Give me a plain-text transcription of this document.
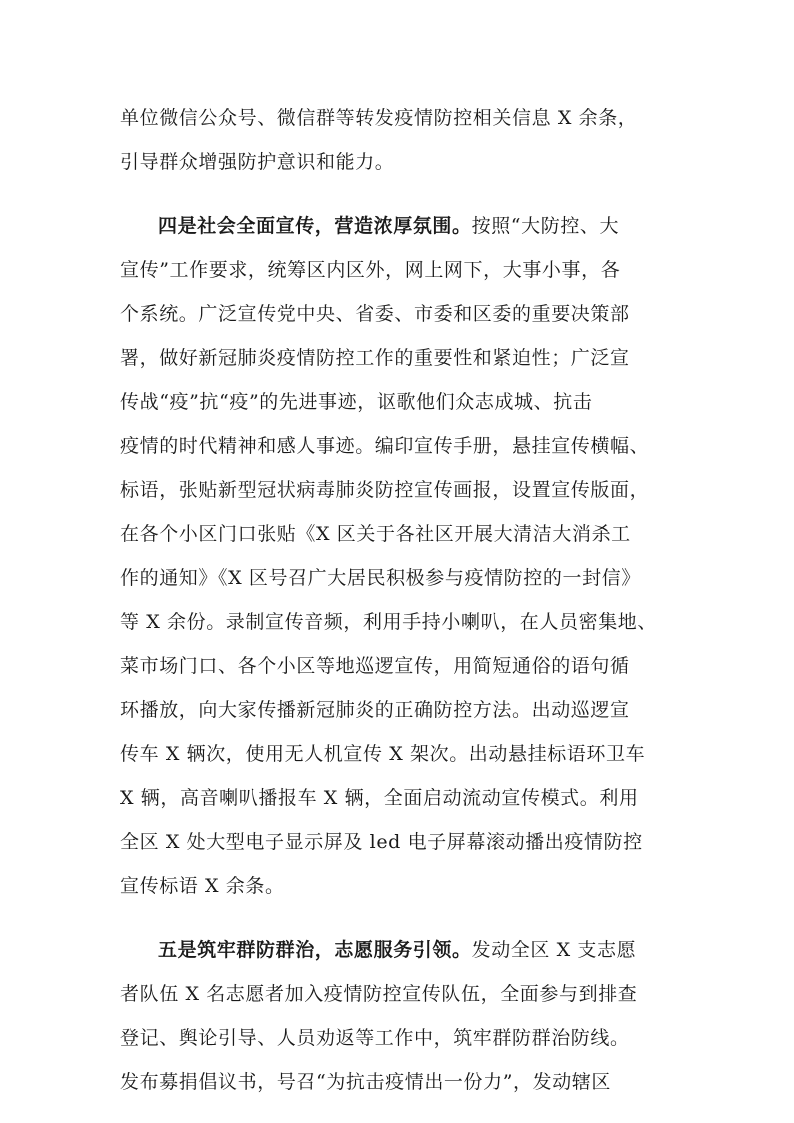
单位微信公众号、微信群等转发疫情防控相关信息 X 余条，
引导群众增强防护意识和能力。
四是社会全面宣传，营造浓厚氛围。按照“大防控、大
宣传”工作要求，统筹区内区外，网上网下，大事小事，各
个系统。广泛宣传党中央、省委、市委和区委的重要决策部
署，做好新冠肺炎疫情防控工作的重要性和紧迫性；广泛宣
传战“疫”抗“疫”的先进事迹，讴歌他们众志成城、抗击
疫情的时代精神和感人事迹。编印宣传手册，悬挂宣传横幅、
标语，张贴新型冠状病毒肺炎防控宣传画报，设置宣传版面，
在各个小区门口张贴《X 区关于各社区开展大清洁大消杀工
作的通知》《X 区号召广大居民积极参与疫情防控的一封信》
等 X 余份。录制宣传音频，利用手持小喇叭，在人员密集地、
菜市场门口、各个小区等地巡逻宣传，用简短通俗的语句循
环播放，向大家传播新冠肺炎的正确防控方法。出动巡逻宣
传车 X 辆次，使用无人机宣传 X 架次。出动悬挂标语环卫车
X 辆，高音喇叭播报车 X 辆，全面启动流动宣传模式。利用
全区 X 处大型电子显示屏及 led 电子屏幕滚动播出疫情防控
宣传标语 X 余条。
五是筑牢群防群治，志愿服务引领。发动全区 X 支志愿
者队伍 X 名志愿者加入疫情防控宣传队伍，全面参与到排查
登记、舆论引导、人员劝返等工作中，筑牢群防群治防线。
发布募捐倡议书，号召“为抗击疫情出一份力”，发动辖区
